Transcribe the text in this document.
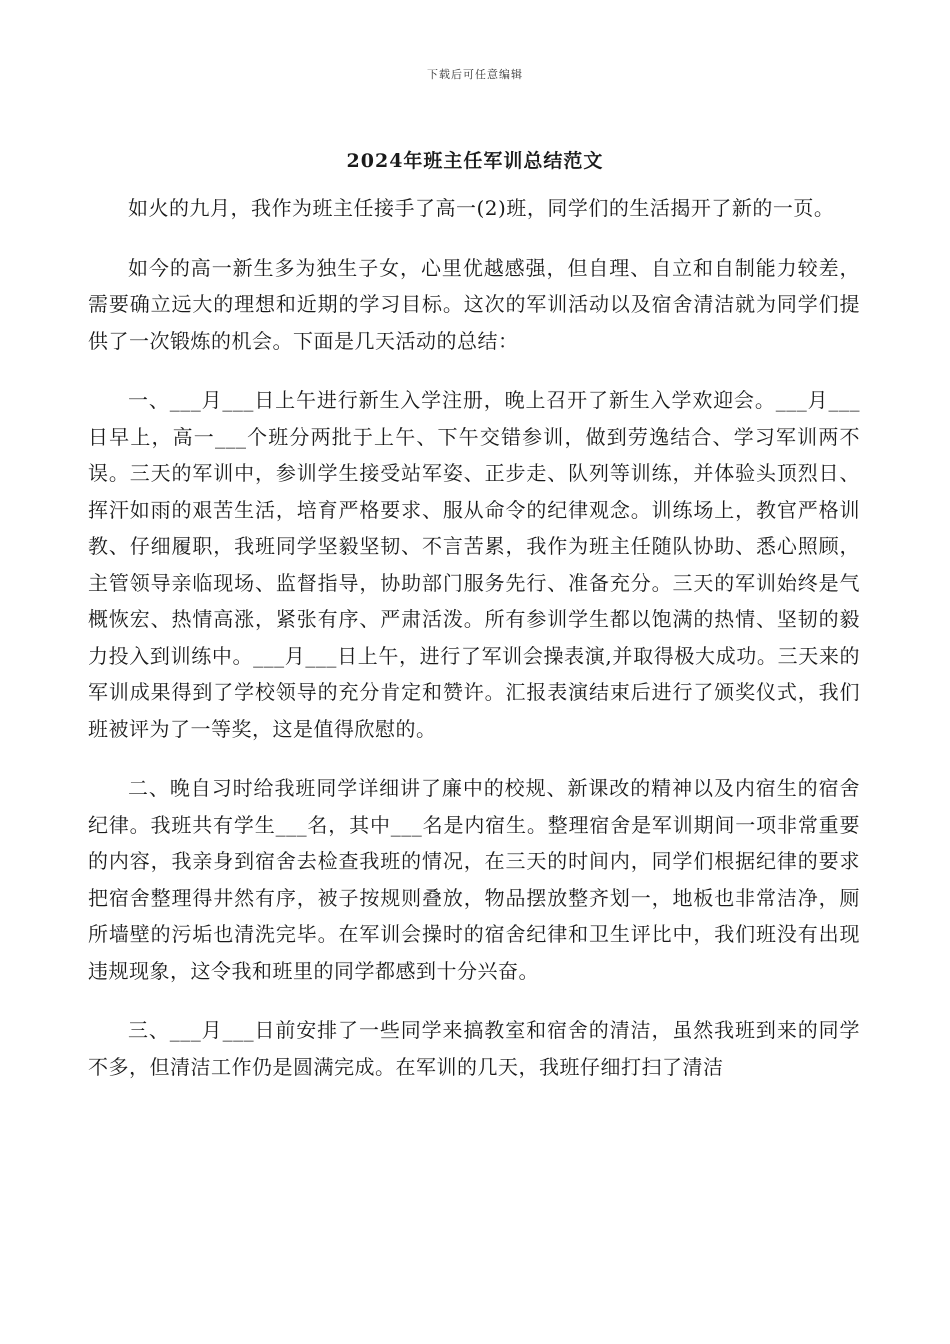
下载后可任意编辑
2024年班主任军训总结范文

如火的九月，我作为班主任接手了高一(2)班，同学们的生活揭开了新的一页。

如今的高一新生多为独生子女，心里优越感强，但自理、自立和自制能力较差，需要确立远大的理想和近期的学习目标。这次的军训活动以及宿舍清洁就为同学们提供了一次锻炼的机会。下面是几天活动的总结：

一、___月___日上午进行新生入学注册，晚上召开了新生入学欢迎会。___月___日早上，高一___个班分两批于上午、下午交错参训，做到劳逸结合、学习军训两不误。三天的军训中，参训学生接受站军姿、正步走、队列等训练，并体验头顶烈日、挥汗如雨的艰苦生活，培育严格要求、服从命令的纪律观念。训练场上，教官严格训教、仔细履职，我班同学坚毅坚韧、不言苦累，我作为班主任随队协助、悉心照顾，主管领导亲临现场、监督指导，协助部门服务先行、准备充分。三天的军训始终是气概恢宏、热情高涨，紧张有序、严肃活泼。所有参训学生都以饱满的热情、坚韧的毅力投入到训练中。___月___日上午，进行了军训会操表演,并取得极大成功。三天来的军训成果得到了学校领导的充分肯定和赞许。汇报表演结束后进行了颁奖仪式，我们班被评为了一等奖，这是值得欣慰的。

二、晚自习时给我班同学详细讲了廉中的校规、新课改的精神以及内宿生的宿舍纪律。我班共有学生___名，其中___名是内宿生。整理宿舍是军训期间一项非常重要的内容，我亲身到宿舍去检查我班的情况，在三天的时间内，同学们根据纪律的要求把宿舍整理得井然有序，被子按规则叠放，物品摆放整齐划一，地板也非常洁净，厕所墙壁的污垢也清洗完毕。在军训会操时的宿舍纪律和卫生评比中，我们班没有出现违规现象，这令我和班里的同学都感到十分兴奋。

三、___月___日前安排了一些同学来搞教室和宿舍的清洁，虽然我班到来的同学不多，但清洁工作仍是圆满完成。在军训的几天，我班仔细打扫了清洁
